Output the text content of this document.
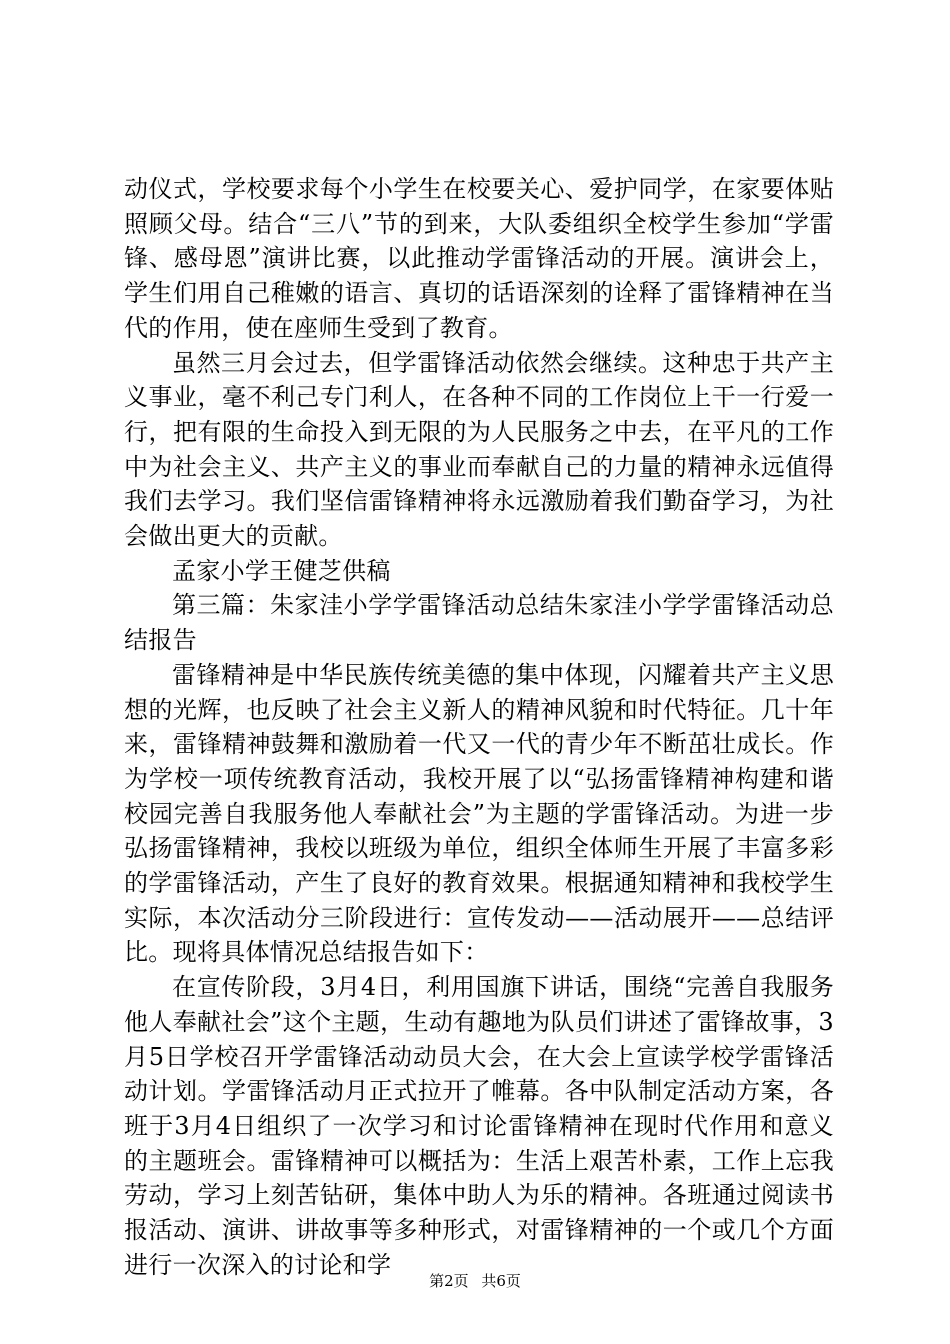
动仪式，学校要求每个小学生在校要关心、爱护同学，在家要体贴照顾父母。结合“三八”节的到来，大队委组织全校学生参加“学雷锋、感母恩”演讲比赛，以此推动学雷锋活动的开展。演讲会上，学生们用自己稚嫩的语言、真切的话语深刻的诠释了雷锋精神在当代的作用，使在座师生受到了教育。

虽然三月会过去，但学雷锋活动依然会继续。这种忠于共产主义事业，毫不利己专门利人，在各种不同的工作岗位上干一行爱一行，把有限的生命投入到无限的为人民服务之中去，在平凡的工作中为社会主义、共产主义的事业而奉献自己的力量的精神永远值得我们去学习。我们坚信雷锋精神将永远激励着我们勤奋学习，为社会做出更大的贡献。

孟家小学王健芝供稿

第三篇：朱家洼小学学雷锋活动总结朱家洼小学学雷锋活动总结报告

雷锋精神是中华民族传统美德的集中体现，闪耀着共产主义思想的光辉，也反映了社会主义新人的精神风貌和时代特征。几十年来，雷锋精神鼓舞和激励着一代又一代的青少年不断茁壮成长。作为学校一项传统教育活动，我校开展了以“弘扬雷锋精神构建和谐校园完善自我服务他人奉献社会”为主题的学雷锋活动。为进一步弘扬雷锋精神，我校以班级为单位，组织全体师生开展了丰富多彩的学雷锋活动，产生了良好的教育效果。根据通知精神和我校学生实际，本次活动分三阶段进行：宣传发动——活动展开——总结评比。现将具体情况总结报告如下：

在宣传阶段，3月4日，利用国旗下讲话，围绕“完善自我服务他人奉献社会”这个主题，生动有趣地为队员们讲述了雷锋故事，3月5日学校召开学雷锋活动动员大会，在大会上宣读学校学雷锋活动计划。学雷锋活动月正式拉开了帷幕。各中队制定活动方案，各班于3月4日组织了一次学习和讨论雷锋精神在现时代作用和意义的主题班会。雷锋精神可以概括为：生活上艰苦朴素，工作上忘我劳动，学习上刻苦钻研，集体中助人为乐的精神。各班通过阅读书报活动、演讲、讲故事等多种形式，对雷锋精神的一个或几个方面进行一次深入的讨论和学

第2页 共6页
